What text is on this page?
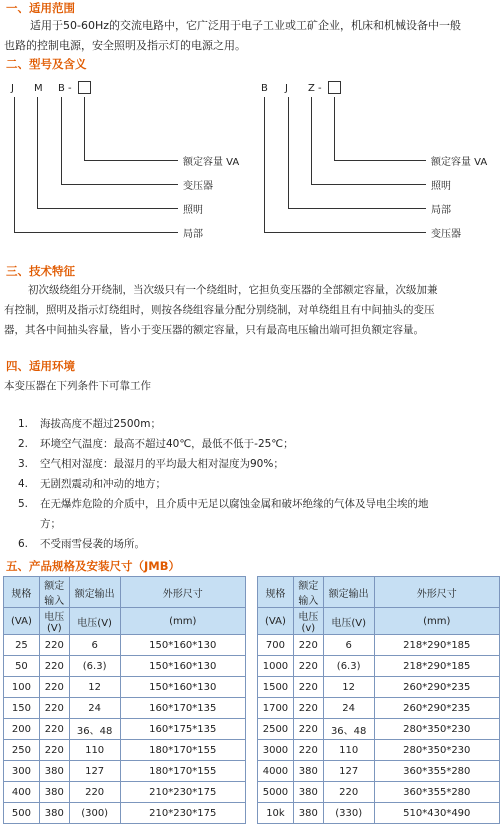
一、适用范围
适用于50-60Hz的交流电路中，它广泛用于电子工业或工矿企业，机床和机械设备中一般
也路的控制电源，安全照明及指示灯的电源之用。
二、型号及含义
J M B -
额定容量 VA
变压器
照明
局部
B J Z -
额定容量 VA
照明
局部
变压器
三、技术特征
初次级绕组分开绕制，当次级只有一个绕组时，它担负变压器的全部额定容量，次级加兼
有控制，照明及指示灯绕组时，则按各绕组容量分配分别绕制，对单绕组且有中间抽头的变压
器，其各中间抽头容量，皆小于变压器的额定容量，只有最高电压输出端可担负额定容量。
四、适用环境
本变压器在下列条件下可靠工作
1. 海拔高度不超过2500m；
2. 环境空气温度：最高不超过40℃，最低不低于-25℃；
3. 空气相对湿度：最湿月的平均最大相对湿度为90%；
4. 无剧烈震动和冲动的地方；
5. 在无爆炸危险的介质中，且介质中无足以腐蚀金属和破坏绝缘的气体及导电尘埃的地
方；
6. 不受雨雪侵袭的场所。
五、产品规格及安装尺寸（JMB）
规格	额定输入	额定输出	外形尺寸
(VA)	电压(V)	电压(V)	(mm)
25	220	6	150*160*130
50	220	(6.3)	150*160*130
100	220	12	150*160*130
150	220	24	160*170*135
200	220	36、48	160*175*135
250	220	110	180*170*155
300	380	127	180*170*155
400	380	220	210*230*175
500	380	(300)	210*230*175
规格	额定输入	额定输出	外形尺寸
(VA)	电压(v)	电压(V)	(mm)
700	220	6	218*290*185
1000	220	(6.3)	218*290*185
1500	220	12	260*290*235
1700	220	24	260*290*235
2500	220	36、48	280*350*230
3000	220	110	280*350*230
4000	380	127	360*355*280
5000	380	220	360*355*280
10k	380	(330)	510*430*490
